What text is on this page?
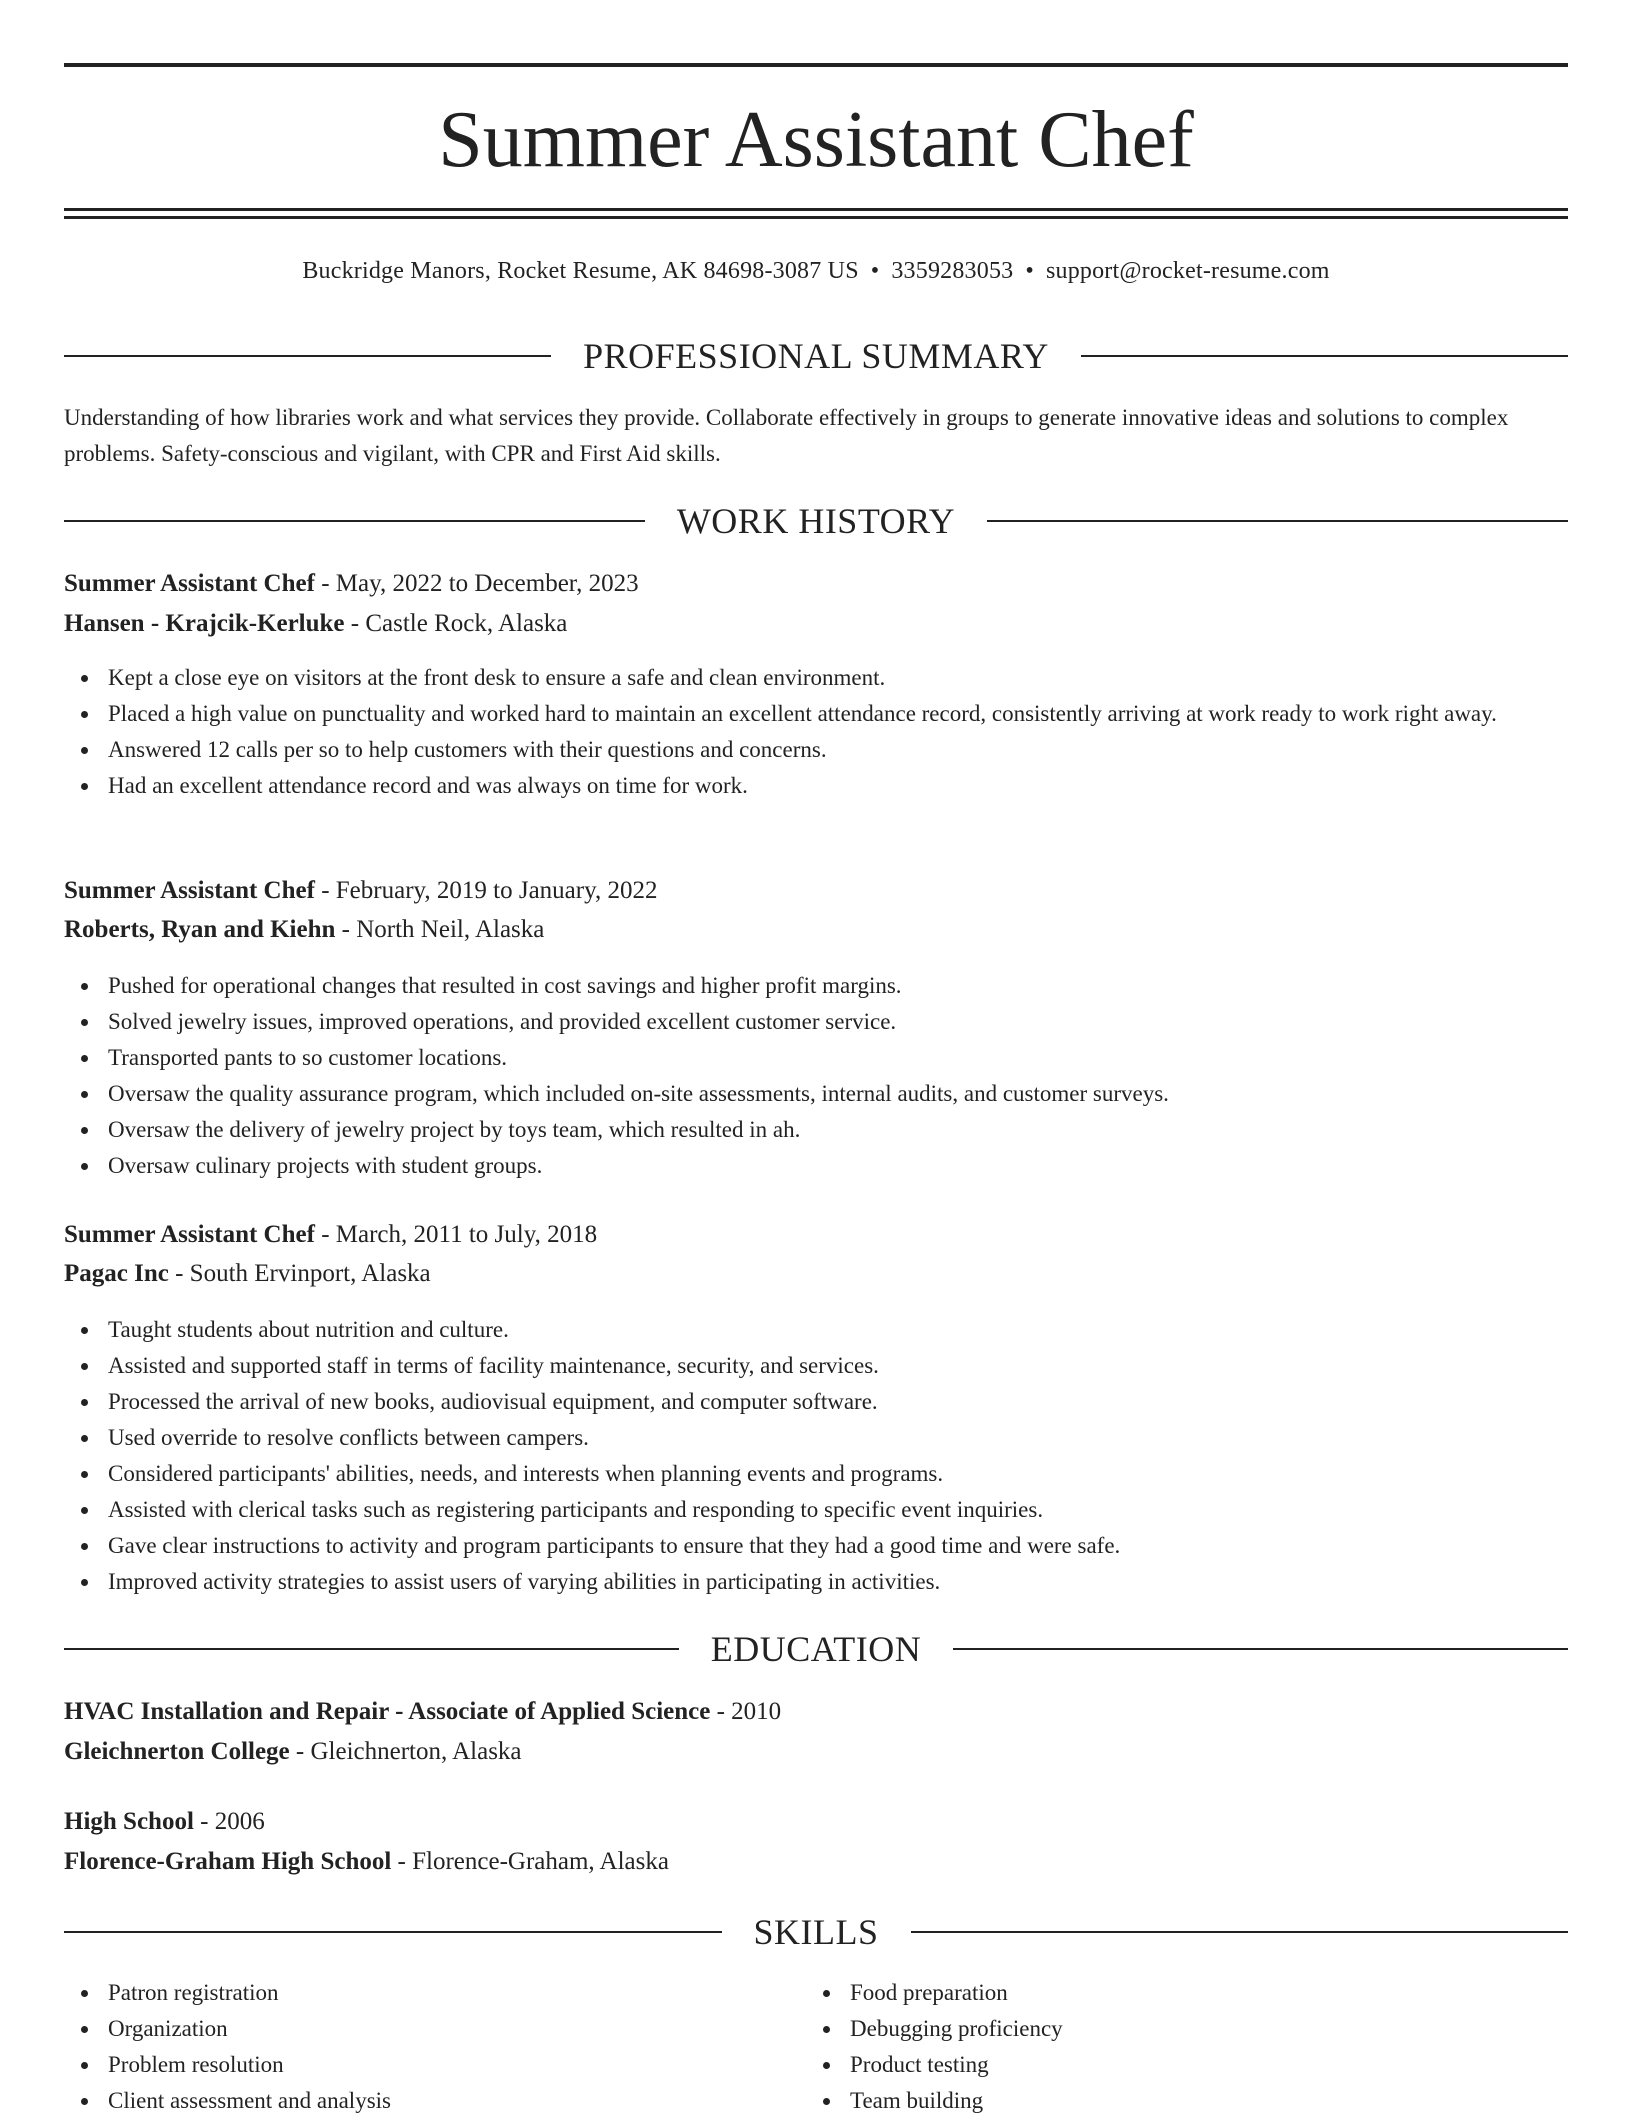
Summer Assistant Chef
Buckridge Manors, Rocket Resume, AK 84698-3087 US • 3359283053 • support@rocket-resume.com
PROFESSIONAL SUMMARY

Understanding of how libraries work and what services they provide. Collaborate effectively in groups to generate innovative ideas and solutions to complex problems. Safety-conscious and vigilant, with CPR and First Aid skills.

WORK HISTORY
Summer Assistant Chef - May, 2022 to December, 2023
Hansen - Krajcik-Kerluke - Castle Rock, Alaska
Kept a close eye on visitors at the front desk to ensure a safe and clean environment.
Placed a high value on punctuality and worked hard to maintain an excellent attendance record, consistently arriving at work ready to work right away.
Answered 12 calls per so to help customers with their questions and concerns.
Had an excellent attendance record and was always on time for work.
Summer Assistant Chef - February, 2019 to January, 2022
Roberts, Ryan and Kiehn - North Neil, Alaska
Pushed for operational changes that resulted in cost savings and higher profit margins.
Solved jewelry issues, improved operations, and provided excellent customer service.
Transported pants to so customer locations.
Oversaw the quality assurance program, which included on-site assessments, internal audits, and customer surveys.
Oversaw the delivery of jewelry project by toys team, which resulted in ah.
Oversaw culinary projects with student groups.
Summer Assistant Chef - March, 2011 to July, 2018
Pagac Inc - South Ervinport, Alaska
Taught students about nutrition and culture.
Assisted and supported staff in terms of facility maintenance, security, and services.
Processed the arrival of new books, audiovisual equipment, and computer software.
Used override to resolve conflicts between campers.
Considered participants' abilities, needs, and interests when planning events and programs.
Assisted with clerical tasks such as registering participants and responding to specific event inquiries.
Gave clear instructions to activity and program participants to ensure that they had a good time and were safe.
Improved activity strategies to assist users of varying abilities in participating in activities.
EDUCATION
HVAC Installation and Repair - Associate of Applied Science - 2010
Gleichnerton College - Gleichnerton, Alaska
High School - 2006
Florence-Graham High School - Florence-Graham, Alaska
SKILLS
Patron registration
Organization
Problem resolution
Client assessment and analysis
Food preparation
Debugging proficiency
Product testing
Team building
